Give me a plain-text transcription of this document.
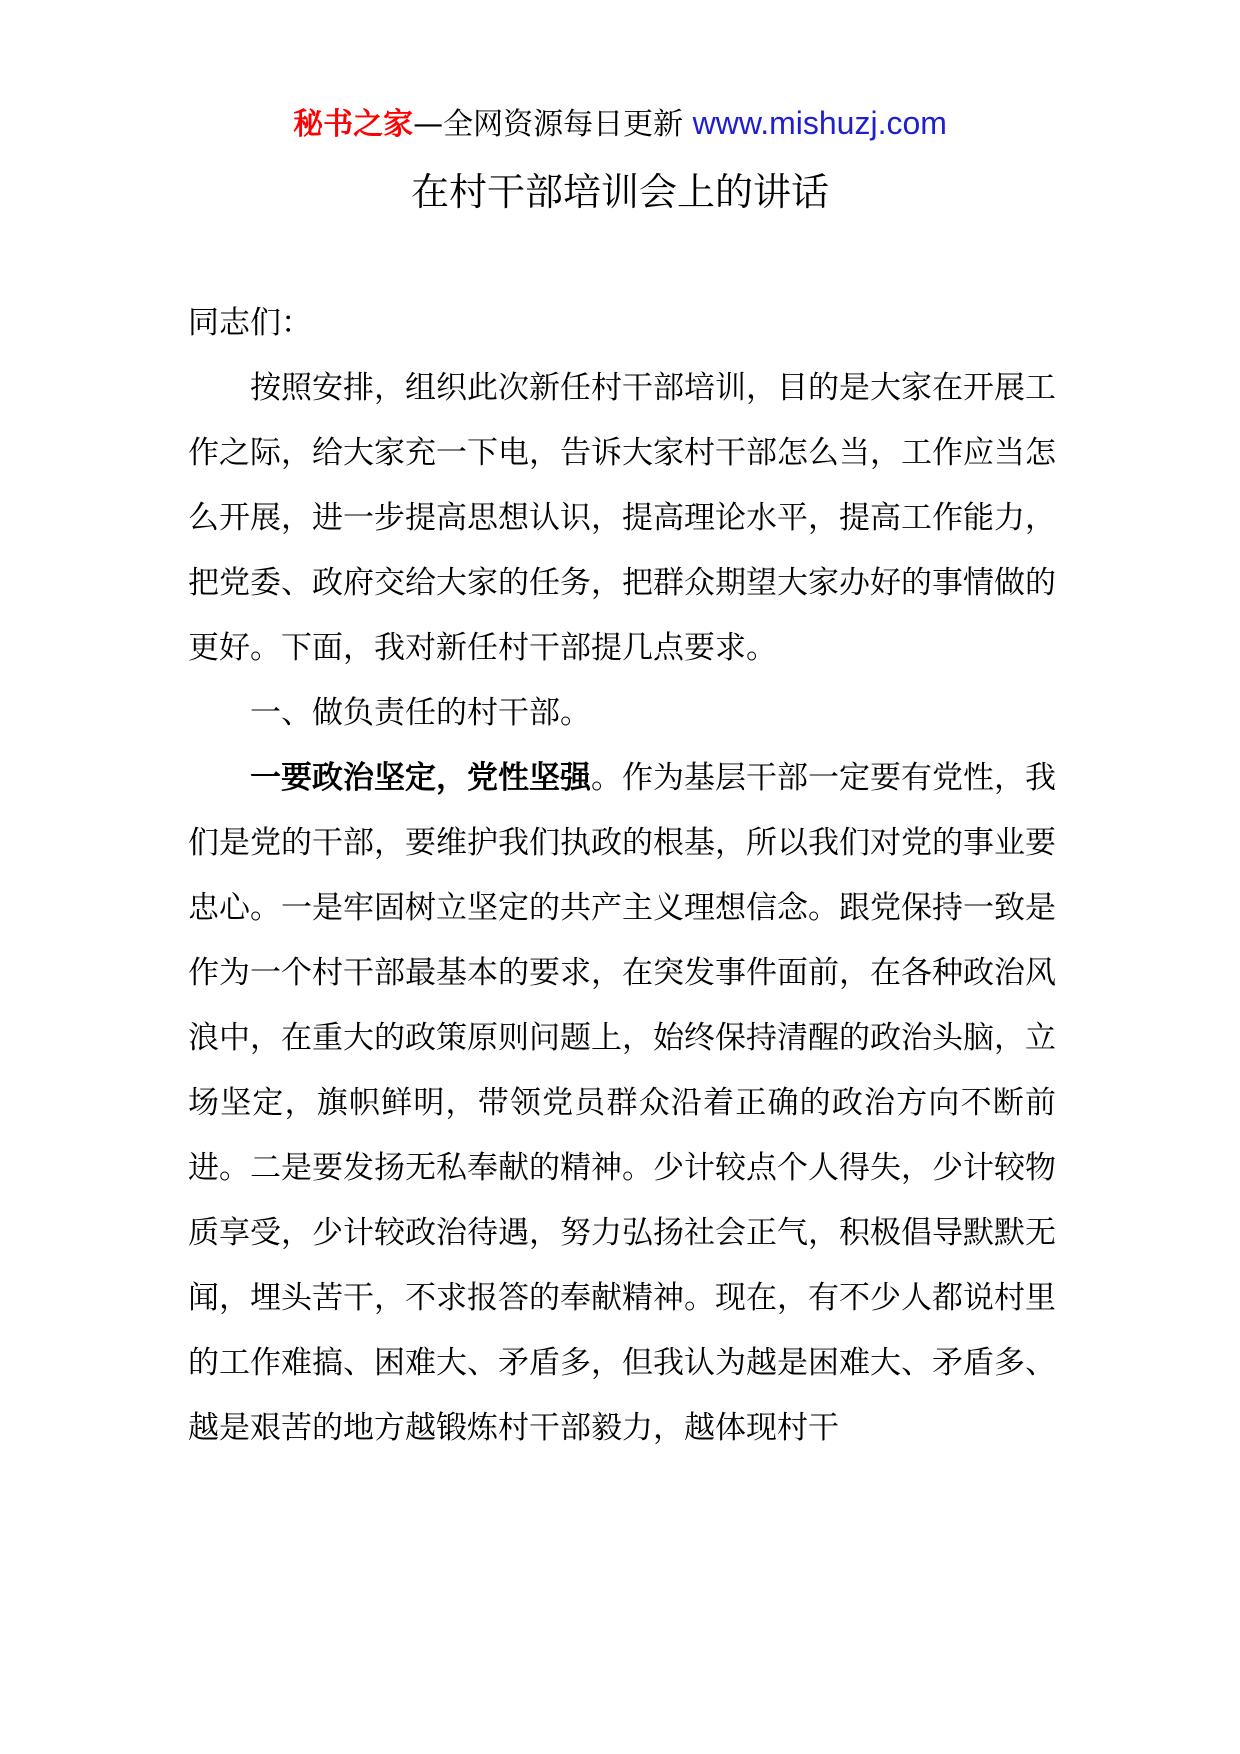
秘书之家—全网资源每日更新 www.mishuzj.com
在村干部培训会上的讲话

同志们：

按照安排，组织此次新任村干部培训，目的是大家在开展工作之际，给大家充一下电，告诉大家村干部怎么当，工作应当怎么开展，进一步提高思想认识，提高理论水平，提高工作能力，把党委、政府交给大家的任务，把群众期望大家办好的事情做的更好。下面，我对新任村干部提几点要求。

一、做负责任的村干部。

一要政治坚定，党性坚强。作为基层干部一定要有党性，我们是党的干部，要维护我们执政的根基，所以我们对党的事业要忠心。一是牢固树立坚定的共产主义理想信念。跟党保持一致是作为一个村干部最基本的要求，在突发事件面前，在各种政治风浪中，在重大的政策原则问题上，始终保持清醒的政治头脑，立场坚定，旗帜鲜明，带领党员群众沿着正确的政治方向不断前进。二是要发扬无私奉献的精神。少计较点个人得失，少计较物质享受，少计较政治待遇，努力弘扬社会正气，积极倡导默默无闻，埋头苦干，不求报答的奉献精神。现在，有不少人都说村里的工作难搞、困难大、矛盾多，但我认为越是困难大、矛盾多、越是艰苦的地方越锻炼村干部毅力，越体现村干
